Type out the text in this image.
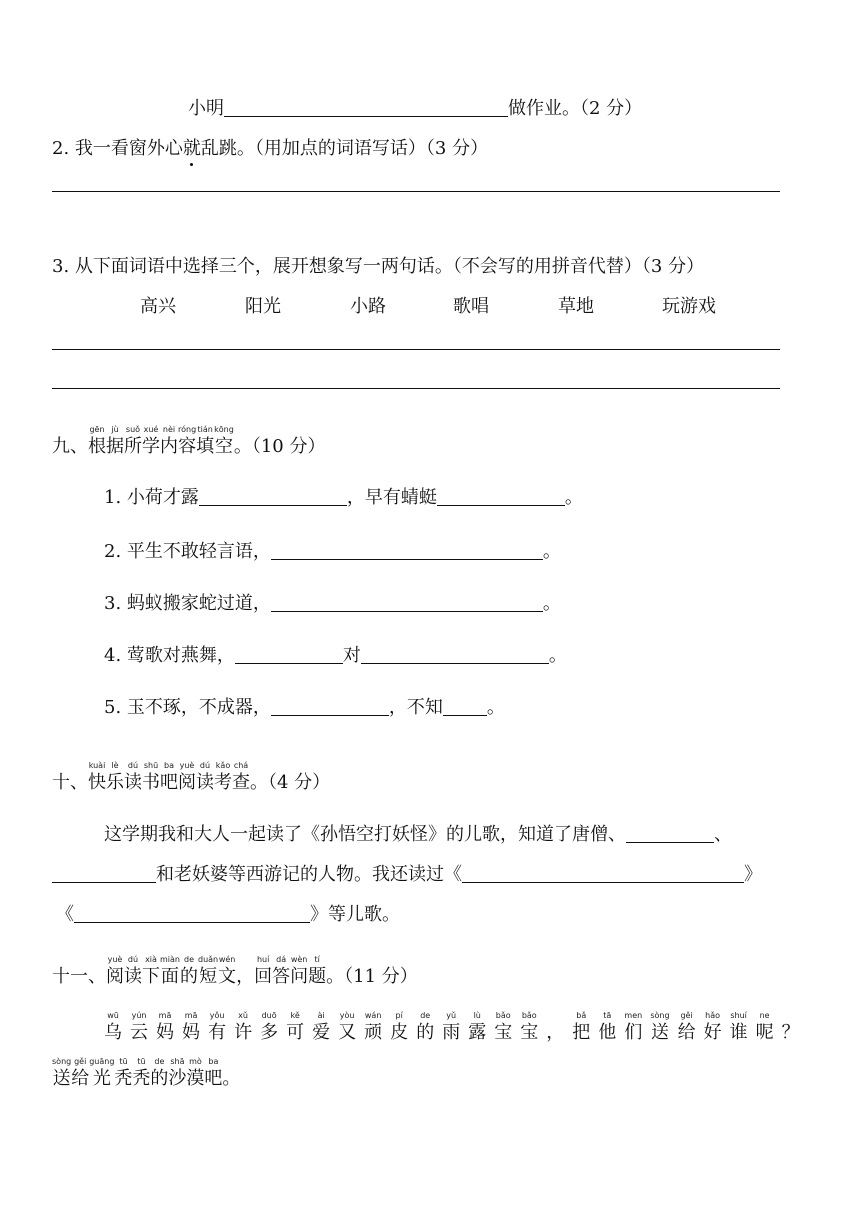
小明	做作业。（2 分）
2. 我一看窗外心就乱跳。（用加点的词语写话）（3 分）
3. 从下面词语中选择三个，展开想象写一两句话。（不会写的用拼音代替）（3 分）
高兴	阳光	小路	歌唱	草地	玩游戏
九、
gēn
根
jù
据
suǒ
所
xué
学
nèi
内
róng
容
tián
填
kōng
空 。（10 分）
1. 小荷才露	，早有蜻蜓	。
2. 平生不敢轻言语，	。
3. 蚂蚁搬家蛇过道，	。
4. 莺歌对燕舞，	对	。
5. 玉不琢，不成器，	，不知 。
十、
kuài
快
lè
乐
dú
读
shū
书
ba
吧
yuè
阅
dú
读
kǎo
考
chá
查 。（4 分）
这学期我和大人一起读了《孙悟空打妖怪》的儿歌，知道了唐僧、	、
和老妖婆等西游记的人物。我还读过《	》
《	》等儿歌。
十一、
yuè
阅
dú
读
xià
下
miàn
面
de
的
duǎn
短
wén
文 ，
huí
回
dá
答
wèn
问
tí
题 。（11 分）
wū
乌
yún
云
mā
妈
mā
妈
yǒu
有
xǔ
许
duō
多
kě
可
ài
爱
yòu
又
wán
顽
pí
皮
de
的
yǔ
雨
lù
露
bǎo
宝
bǎo
宝 ，
bǎ
把
tā
他
men
们
sòng
送
gěi
给
hǎo
好
shuí
谁
ne
呢 ？
sòng
送
gěi
给
guāng
光
tū
秃
tū
秃
de
的
shā
沙
mò
漠
ba
吧 。
